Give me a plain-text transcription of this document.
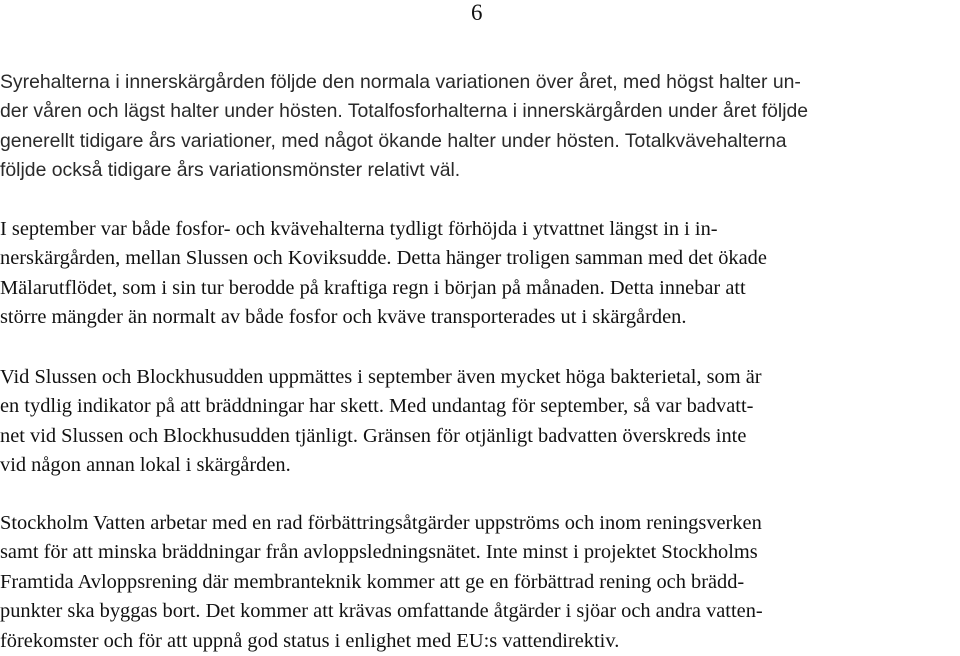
6
Syrehalterna i innerskärgården följde den normala variationen över året, med högst halter un-
der våren och lägst halter under hösten. Totalfosforhalterna i innerskärgården under året följde
generellt tidigare års variationer, med något ökande halter under hösten. Totalkvävehalterna
följde också tidigare års variationsmönster relativt väl.
I september var både fosfor- och kvävehalterna tydligt förhöjda i ytvattnet längst in i in-
nerskärgården, mellan Slussen och Koviksudde. Detta hänger troligen samman med det ökade
Mälarutflödet, som i sin tur berodde på kraftiga regn i början på månaden. Detta innebar att
större mängder än normalt av både fosfor och kväve transporterades ut i skärgården.
Vid Slussen och Blockhusudden uppmättes i september även mycket höga bakterietal, som är
en tydlig indikator på att bräddningar har skett. Med undantag för september, så var badvatt-
net vid Slussen och Blockhusudden tjänligt. Gränsen för otjänligt badvatten överskreds inte
vid någon annan lokal i skärgården.
Stockholm Vatten arbetar med en rad förbättringsåtgärder uppströms och inom reningsverken
samt för att minska bräddningar från avloppsledningsnätet. Inte minst i projektet Stockholms
Framtida Avloppsrening där membranteknik kommer att ge en förbättrad rening och brädd-
punkter ska byggas bort. Det kommer att krävas omfattande åtgärder i sjöar och andra vatten-
förekomster och för att uppnå god status i enlighet med EU:s vattendirektiv.
